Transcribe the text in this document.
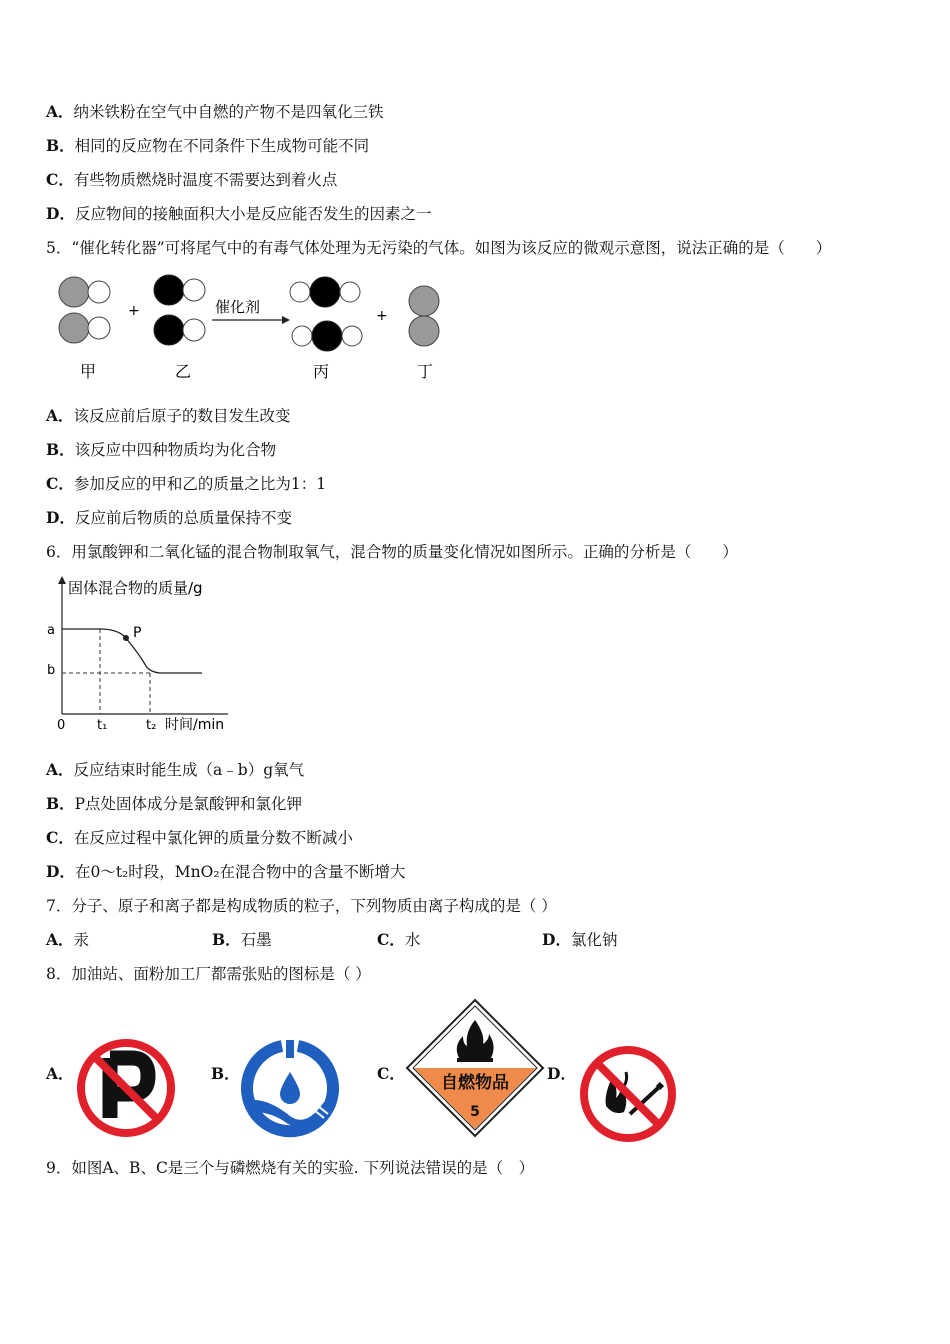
A．纳米铁粉在空气中自燃的产物不是四氧化三铁
B．相同的反应物在不同条件下生成物可能不同
C．有些物质燃烧时温度不需要达到着火点
D．反应物间的接触面积大小是反应能否发生的因素之一
5．“催化转化器”可将尾气中的有毒气体处理为无污染的气体。如图为该反应的微观示意图，说法正确的是（　　）
+	催化剂	+
甲	乙	丙	丁
A．该反应前后原子的数目发生改变
B．该反应中四种物质均为化合物
C．参加反应的甲和乙的质量之比为1：1
D．反应前后物质的总质量保持不变
6．用氯酸钾和二氧化锰的混合物制取氧气，混合物的质量变化情况如图所示。正确的分析是（　　）
固体混合物的质量/g
a
b
P
0 t₁	t₂ 时间/min
A．反应结束时能生成（a﹣b）g氧气
B．P点处固体成分是氯酸钾和氯化钾
C．在反应过程中氯化钾的质量分数不断减小
D．在0～t₂时段，MnO₂在混合物中的含量不断增大
7．分子、原子和离子都是构成物质的粒子，下列物质由离子构成的是（ ）
A．汞	B．石墨	C．水	D．氯化钠
8．加油站、面粉加工厂都需张贴的图标是（ ）
A．	B．	C． 自燃物品
5
D．
9．如图A、B、C是三个与磷燃烧有关的实验. 下列说法错误的是（　）
